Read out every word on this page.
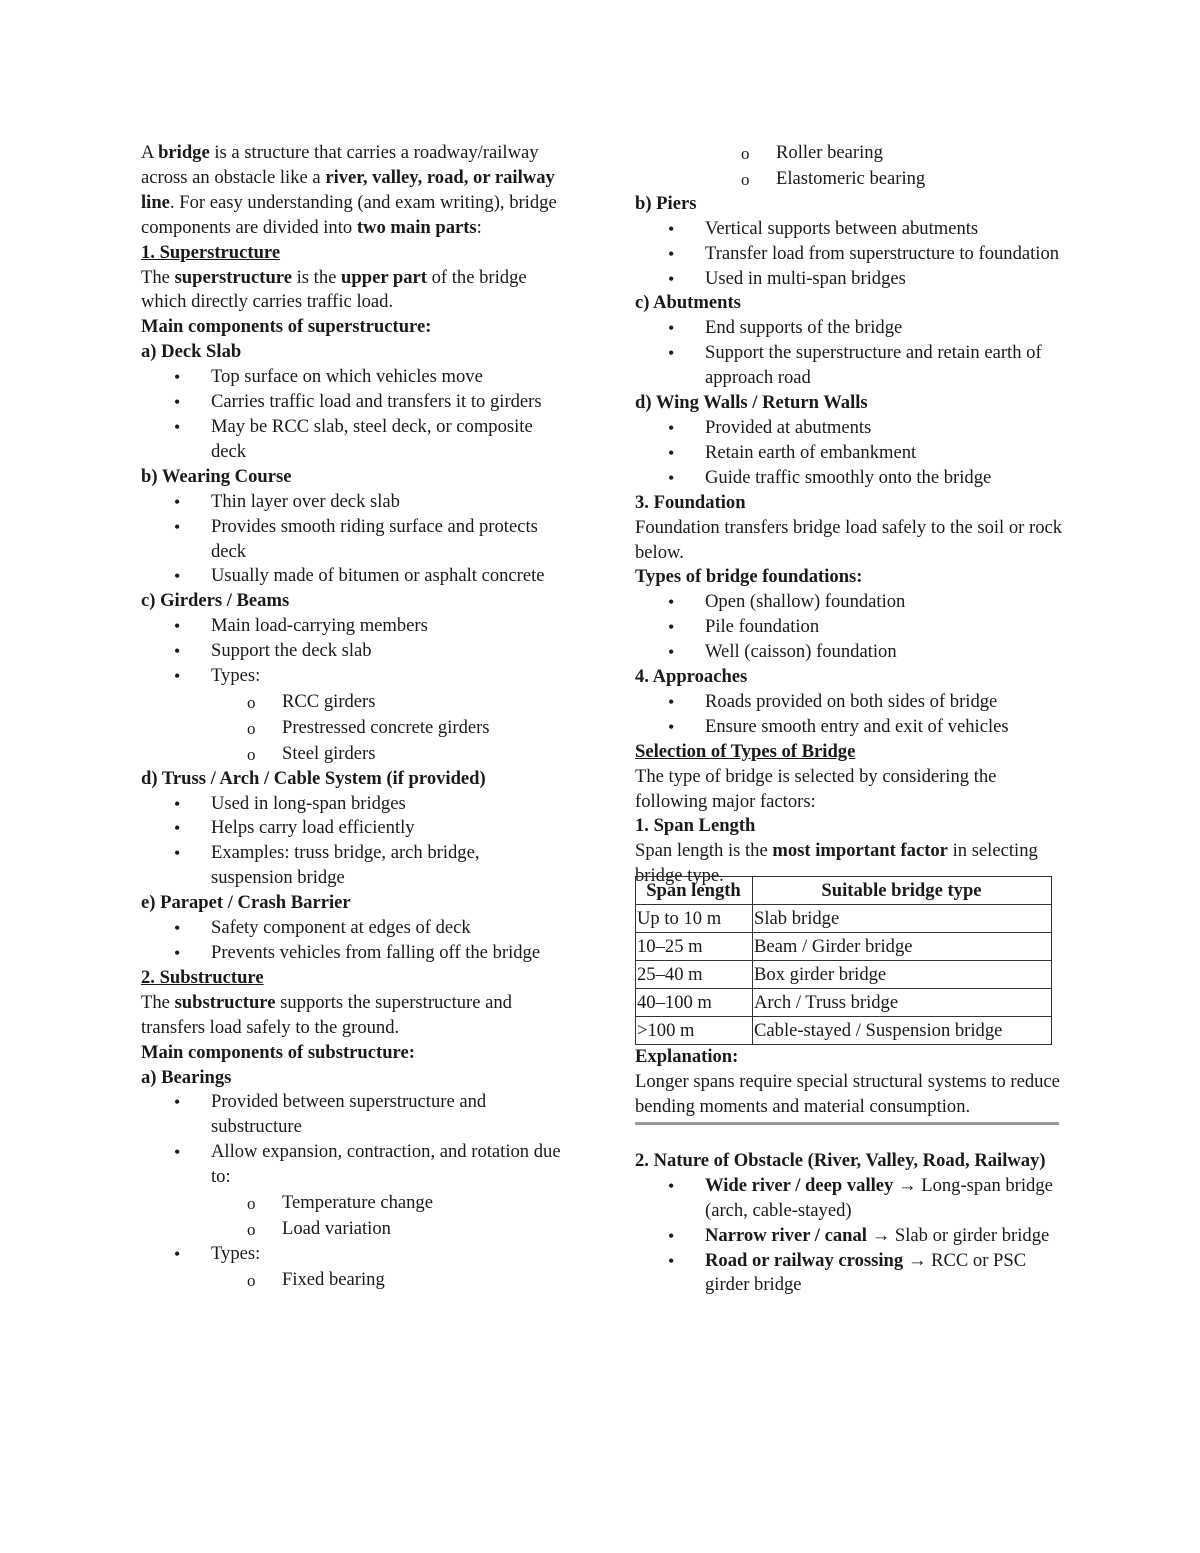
A bridge is a structure that carries a roadway/railway across an obstacle like a river, valley, road, or railway line. For easy understanding (and exam writing), bridge components are divided into two main parts:

1. Superstructure

The superstructure is the upper part of the bridge which directly carries traffic load.

Main components of superstructure:

a) Deck Slab

• Top surface on which vehicles move
• Carries traffic load and transfers it to girders
• May be RCC slab, steel deck, or composite deck

b) Wearing Course

• Thin layer over deck slab
• Provides smooth riding surface and protects deck
• Usually made of bitumen or asphalt concrete

c) Girders / Beams

• Main load-carrying members
• Support the deck slab
• Types:
o RCC girders
o Prestressed concrete girders
o Steel girders

d) Truss / Arch / Cable System (if provided)

• Used in long-span bridges
• Helps carry load efficiently
• Examples: truss bridge, arch bridge, suspension bridge

e) Parapet / Crash Barrier

• Safety component at edges of deck
• Prevents vehicles from falling off the bridge

2. Substructure

The substructure supports the superstructure and transfers load safely to the ground.

Main components of substructure:

a) Bearings

• Provided between superstructure and substructure
• Allow expansion, contraction, and rotation due to:
o Temperature change
o Load variation
• Types:
o Fixed bearing
o Roller bearing
o Elastomeric bearing

b) Piers

• Vertical supports between abutments
• Transfer load from superstructure to foundation
• Used in multi-span bridges

c) Abutments

• End supports of the bridge
• Support the superstructure and retain earth of approach road

d) Wing Walls / Return Walls

• Provided at abutments
• Retain earth of embankment
• Guide traffic smoothly onto the bridge

3. Foundation

Foundation transfers bridge load safely to the soil or rock below.

Types of bridge foundations:

• Open (shallow) foundation
• Pile foundation
• Well (caisson) foundation

4. Approaches

• Roads provided on both sides of bridge
• Ensure smooth entry and exit of vehicles

Selection of Types of Bridge

The type of bridge is selected by considering the following major factors:

1. Span Length

Span length is the most important factor in selecting bridge type.

Span length	Suitable bridge type
Up to 10 m	Slab bridge
10–25 m	Beam / Girder bridge
25–40 m	Box girder bridge
40–100 m	Arch / Truss bridge
>100 m	Cable-stayed / Suspension bridge

Explanation:

Longer spans require special structural systems to reduce bending moments and material consumption.

2. Nature of Obstacle (River, Valley, Road, Railway)

• Wide river / deep valley → Long-span bridge (arch, cable-stayed)
• Narrow river / canal → Slab or girder bridge
• Road or railway crossing → RCC or PSC girder bridge
